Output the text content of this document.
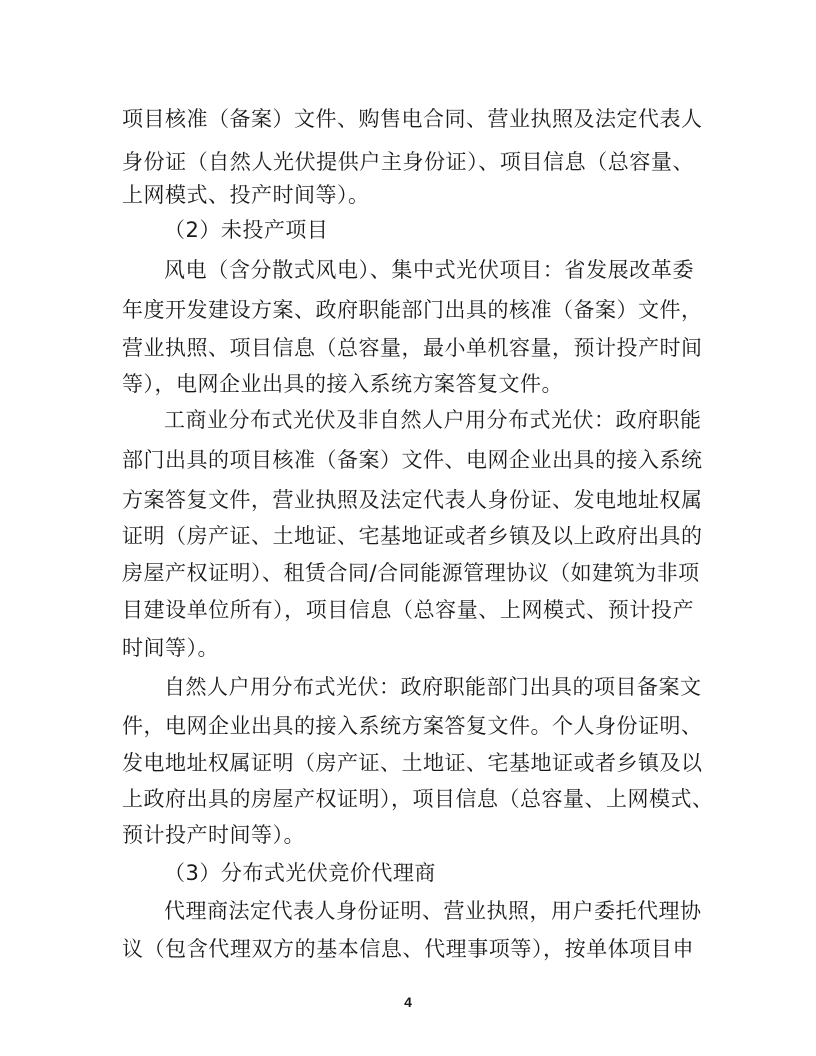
项目核准（备案）文件、购售电合同、营业执照及法定代表人
身份证（自然人光伏提供户主身份证）、项目信息（总容量、
上网模式、投产时间等）。
（2）未投产项目
风电（含分散式风电）、集中式光伏项目：省发展改革委
年度开发建设方案、政府职能部门出具的核准（备案）文件，
营业执照、项目信息（总容量，最小单机容量，预计投产时间
等），电网企业出具的接入系统方案答复文件。
工商业分布式光伏及非自然人户用分布式光伏：政府职能
部门出具的项目核准（备案）文件、电网企业出具的接入系统
方案答复文件，营业执照及法定代表人身份证、发电地址权属
证明（房产证、土地证、宅基地证或者乡镇及以上政府出具的
房屋产权证明）、租赁合同/合同能源管理协议（如建筑为非项
目建设单位所有），项目信息（总容量、上网模式、预计投产
时间等）。
自然人户用分布式光伏：政府职能部门出具的项目备案文
件，电网企业出具的接入系统方案答复文件。个人身份证明、
发电地址权属证明（房产证、土地证、宅基地证或者乡镇及以
上政府出具的房屋产权证明），项目信息（总容量、上网模式、
预计投产时间等）。
（3）分布式光伏竞价代理商
代理商法定代表人身份证明、营业执照，用户委托代理协
议（包含代理双方的基本信息、代理事项等），按单体项目申
4
